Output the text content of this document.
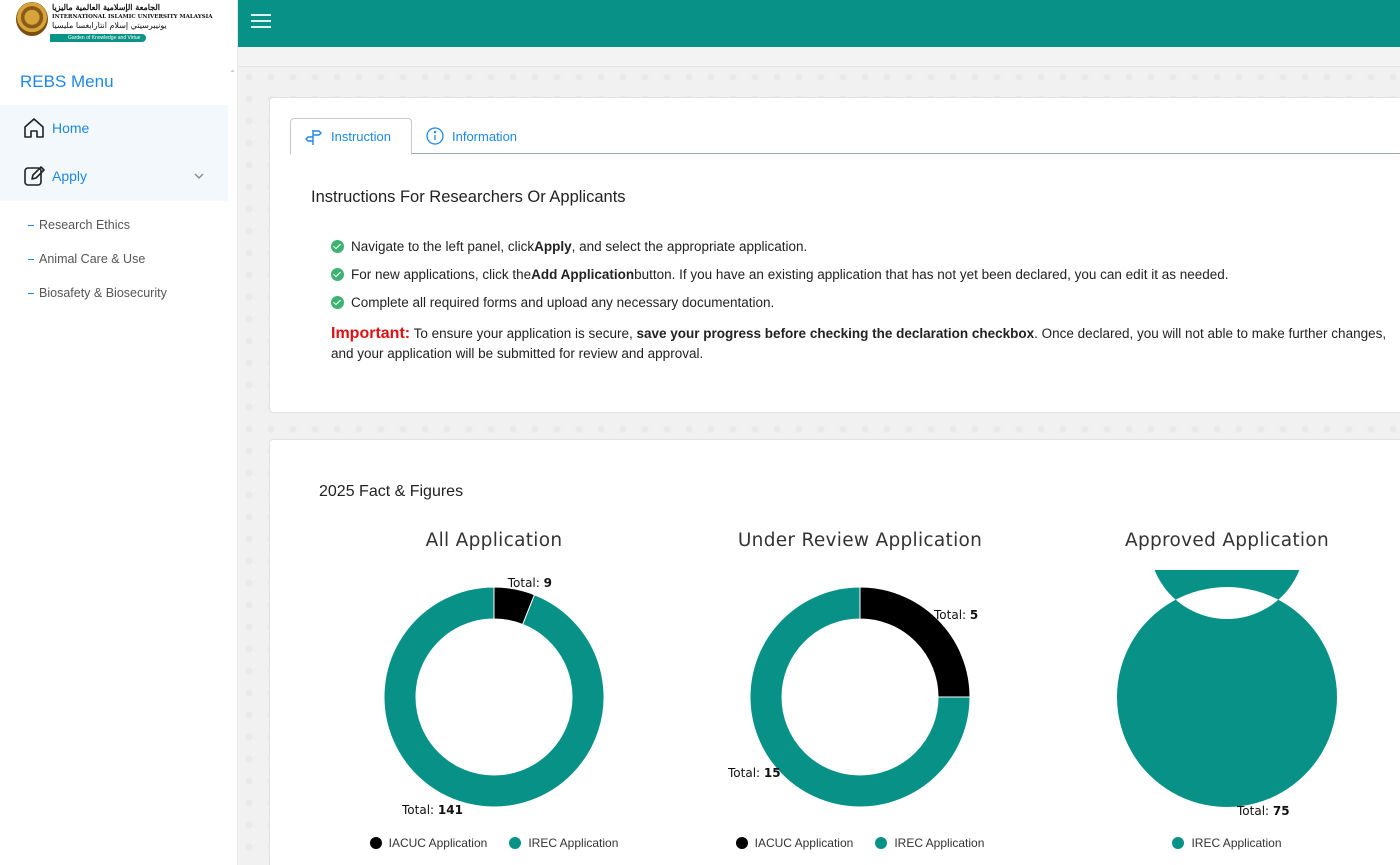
الجامعة الإسلامية العالمية ماليزيا
INTERNATIONAL ISLAMIC UNIVERSITY MALAYSIA
يونيبرسيتي إسلام انتارابغسا مليسيا
Garden of Knowledge and Virtue
REBS Menu
Home
Apply
Research Ethics
Animal Care & Use
Biosafety & Biosecurity
Instruction	Information
Instructions For Researchers Or Applicants
Navigate to the left panel, click Apply , and select the appropriate application.
For new applications, click the Add Application button. If you have an existing application that has not yet been declared, you can edit it as needed.
Complete all required forms and upload any necessary documentation.
Important: To ensure your application is secure, save your progress before checking the declaration checkbox. Once declared, you will not able to make further changes, and your application will be submitted for review and approval.
2025 Fact & Figures
All Application
Total: 9
Total: 141
IACUC Application	IREC Application
Under Review Application
Total: 5
Total: 15
IACUC Application	IREC Application
Approved Application
Total: 75
IREC Application
